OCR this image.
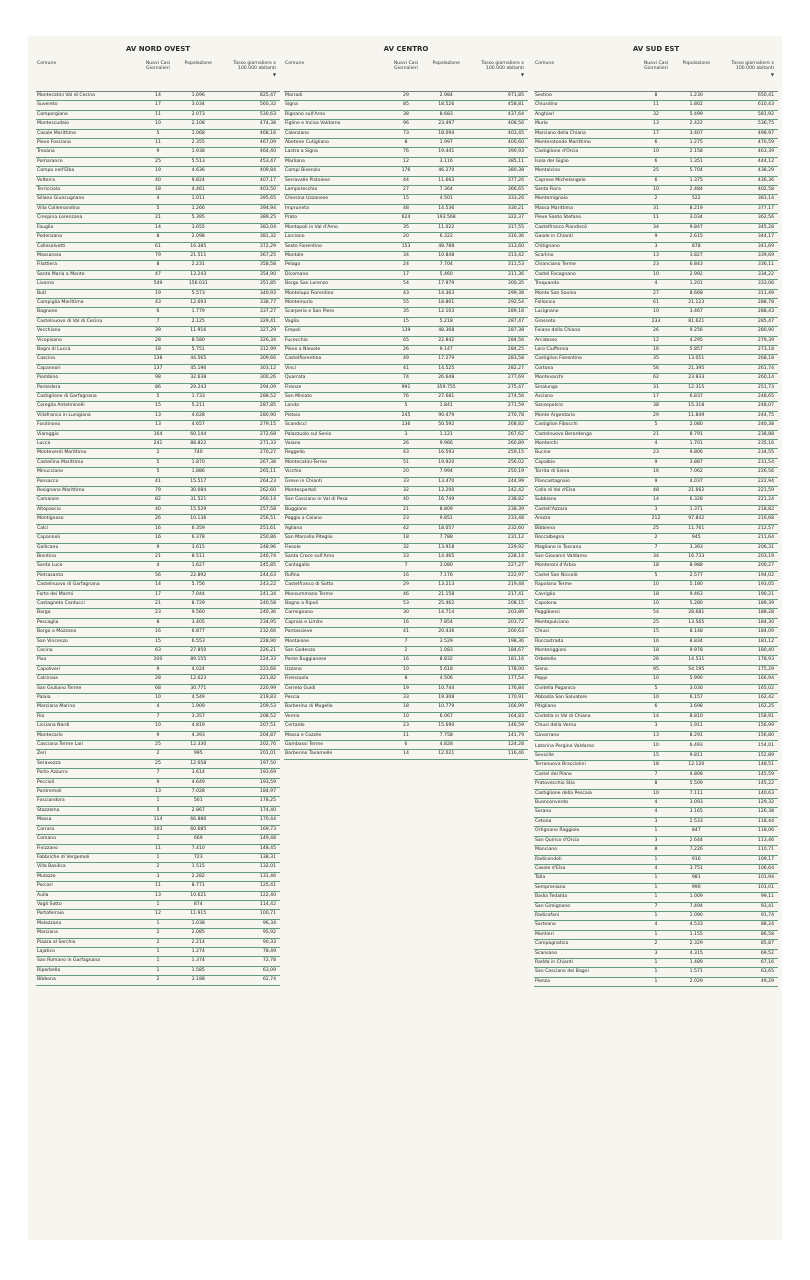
AV NORD OVEST
Comune	Nuovi Casi Giornalieri	Popolazione	Tasso giornaliero x 100.000 abitanti
▼

Montecatini Val di Cecina	14	1.696	825,47
Suvereto	17	3.034	560,32
Camporgiano	11	2.073	530,63
Montescudaio	10	2.108	474,38
Casale Marittimo	5	1.068	468,16
Pieve Fosciana	11	2.355	467,09
Tresana	9	1.938	464,40
Pomarance	25	5.513	453,47
Campo nell'Elba	19	4.636	409,84
Volterra	40	9.824	407,17
Terricciola	18	4.461	403,50
Sillano Giuncugnano	4	1.011	395,65
Villa Collemandina	5	1.266	394,94
Crespina Lorenzana	21	5.395	389,25
Fauglia	14	3.655	383,04
Podenzana	8	2.098	381,32
Collesalvetti	61	16.385	372,29
Massarosa	79	21.511	367,25
Filattiera	8	2.231	358,58
Santa Maria a Monte	47	13.243	354,90
Livorno	549	156.031	351,85
Buti	19	5.573	340,93
Campiglia Marittima	43	12.693	338,77
Bagnone	6	1.779	337,27
Castelnuovo di Val di Cecina	7	2.125	329,41
Vecchiano	39	11.916	327,29
Vicopisano	28	8.580	326,34
Bagni di Lucca	18	5.751	312,99
Cascina	138	44.565	309,66
Capannori	137	45.196	303,12
Piombino	98	32.638	300,26
Pontedera	86	29.243	294,09
Castiglione di Garfagnana	5	1.733	288,52
Coreglia Antelminelli	15	5.211	287,85
Villafranca in Lunigiana	13	4.628	280,90
Fosdinovo	13	4.657	279,15
Viareggio	164	60.144	272,68
Lucca	241	88.822	271,33
Monteverdi Marittimo	2	740	270,27
Castellina Marittima	5	1.870	267,38
Minucciano	5	1.886	265,11
Ponsacco	41	15.517	264,23
Rosignano Marittimo	79	30.084	262,60
Camaiore	82	31.521	260,14
Altopascio	40	15.529	257,58
Montignoso	26	10.136	256,51
Calci	16	6.359	251,61
Capannoli	16	6.378	250,86
Gallicano	9	3.615	248,96
Bientina	21	8.511	246,74
Santa Luce	4	1.627	245,85
Pietrasanta	56	22.892	244,63
Castelnuovo di Garfagnana	14	5.756	243,22
Forte dei Marmi	17	7.044	241,34
Castagneto Carducci	21	8.729	240,58
Barga	23	9.560	240,36
Pescaglia	8	3.405	234,95
Borgo a Mozzano	16	6.877	232,66
San Vincenzo	15	6.553	228,90
Cecina	63	27.850	226,21
Pisa	200	89.155	224,33
Capoliveri	9	4.024	223,66
Calcinaia	28	12.623	221,82
San Giuliano Terme	68	30.771	220,99
Palaia	10	4.549	219,83
Marciana Marina	4	1.909	209,53
Rio	7	3.357	208,52
Licciana Nardi	10	4.819	207,51
Montecarlo	9	4.393	204,87
Casciana Terme Lari	25	12.330	202,76
Zeri	2	995	201,01
Seravezza	25	12.658	197,50
Porto Azzurro	7	3.614	193,69
Peccioli	9	4.649	193,59
Pontremoli	13	7.028	184,97
Fosciandora	1	561	178,25
Stazzema	5	2.867	174,40
Massa	114	66.886	170,44
Carrara	103	60.685	169,73
Comano	1	669	149,48
Fivizzano	11	7.410	148,45
Fabbriche di Vergemoli	1	723	138,31
Villa Basilica	2	1.515	132,01
Mulazzo	3	2.282	131,46
Porcari	11	8.771	125,41
Aulla	13	10.621	122,40
Vagli Sotto	1	874	114,42
Portoferraio	12	11.915	100,71
Molazzana	1	1.038	96,34
Marciana	2	2.085	95,92
Piazza al Serchio	2	2.214	90,33
Lajatico	1	1.274	78,49
San Romano in Garfagnana	1	1.374	72,78
Riparbella	1	1.585	63,09
Bibbona	2	3.188	62,74
AV CENTRO
Comune	Nuovi Casi Giornalieri	Popolazione	Tasso giornaliero x 100.000 abitanti
▼

Marradi	29	2.984	971,85
Signa	85	18.526	458,81
Rignano sull'Arno	38	8.683	437,64
Figline e Incisa Valdarno	96	23.497	408,56
Calenzano	73	18.094	403,45
Abetone Cutigliano	8	1.997	400,60
Lastra a Signa	76	19.441	390,93
Marliana	12	3.116	385,11
Campi Bisenzio	176	46.270	380,38
Serravalle Pistoiese	44	11.663	377,26
Lamporecchio	27	7.364	366,65
Chiesina Uzzanese	15	4.501	333,26
Impruneta	48	14.536	330,21
Prato	624	193.568	322,37
Montopoli in Val d'Arno	35	11.022	317,55
Larciano	20	6.322	316,36
Sesto Fiorentino	153	48.788	313,60
Montale	34	10.848	313,42
Pelago	24	7.704	311,53
Dicomano	17	5.460	311,36
Borgo San Lorenzo	54	17.979	300,35
Montelupo Fiorentino	43	14.363	299,38
Montemurlo	55	18.801	292,54
Scarperia e San Piero	35	12.103	289,18
Vaglia	15	5.218	287,47
Empoli	139	48.368	287,38
Fucecchio	65	22.842	284,56
Pieve a Nievole	26	9.147	284,25
Castelfiorentino	49	17.279	283,58
Vinci	41	14.525	282,27
Quarrata	74	26.648	277,69
Firenze	991	359.755	275,47
San Miniato	76	27.681	274,56
Londa	5	1.841	271,59
Pistoia	245	90.479	270,78
Scandicci	136	50.592	268,82
Palazzuolo sul Senio	3	1.121	267,62
Vaiano	26	9.966	260,89
Reggello	43	16.593	259,15
Montecatini-Terme	51	19.920	256,02
Vicchio	20	7.994	250,19
Greve in Chianti	33	13.470	244,99
Montespertoli	32	13.200	242,42
San Casciano in Val di Pesa	40	16.749	238,82
Buggiano	21	8.809	238,39
Poggio a Caiano	23	9.851	233,48
Agliana	42	18.057	232,60
San Marcello Piteglio	18	7.788	231,12
Fiesole	32	13.918	229,92
Santa Croce sull'Arno	33	14.465	228,14
Cantagallo	7	3.080	227,27
Rufina	16	7.176	222,97
Castelfranco di Sotto	29	13.213	219,48
Monsummano Terme	46	21.158	217,41
Bagno a Ripoli	53	25.462	208,15
Carmignano	30	14.714	203,89
Capraia e Limite	16	7.854	203,72
Pontassieve	41	20.436	200,63
Montaione	7	3.529	198,36
San Godenzo	2	1.083	184,67
Ponte Buggianese	16	8.832	181,16
Uzzano	10	5.618	178,00
Firenzuola	8	4.506	177,54
Cerreto Guidi	19	10.744	176,84
Pescia	33	19.308	170,91
Barberino di Mugello	18	10.779	166,99
Vernio	10	6.067	164,83
Certaldo	23	15.690	146,59
Massa e Cozzile	11	7.758	141,79
Gambassi Terme	6	4.828	124,28
Barberino Tavarnelle	14	12.021	116,46
AV SUD EST
Comune	Nuovi Casi Giornalieri	Popolazione	Tasso giornaliero x 100.000 abitanti
▼

Sestino	8	1.230	650,41
Chiusdino	11	1.802	610,43
Anghiari	32	5.499	581,92
Murlo	13	2.422	536,75
Marciano della Chiana	17	3.407	498,97
Monterotondo Marittimo	6	1.275	470,59
Castiglione d'Orcia	10	2.158	463,39
Isola del Giglio	6	1.351	444,12
Montalcino	25	5.704	438,29
Caprese Michelangelo	6	1.375	436,36
Santa Fiora	10	2.484	402,58
Montemignaio	2	522	383,14
Massa Marittima	31	8.219	377,17
Pieve Santo Stefano	11	3.034	362,56
Castelfranco Piandiscò	34	9.847	345,28
Gaiole in Chianti	9	2.615	344,17
Chitignano	3	878	341,69
Scarlino	13	3.827	339,69
Chianciano Terme	23	6.843	336,11
Castel Focognano	10	2.992	334,22
Trequanda	4	1.201	333,06
Monte San Savino	27	8.668	311,49
Follonica	61	21.123	288,78
Lucignano	10	3.467	288,43
Grosseto	233	81.621	285,47
Foiano della Chiana	26	9.256	280,90
Arcidosso	12	4.295	279,39
Loro Ciuffenna	16	5.857	273,18
Castiglion Fiorentino	35	13.051	268,18
Cortona	56	21.395	261,74
Montevarchi	62	23.833	260,14
Sinalunga	31	12.315	251,73
Asciano	17	6.837	248,65
Sansepolcro	38	15.318	248,07
Monte Argentario	29	11.849	244,75
Castiglion Fibocchi	5	2.080	240,38
Castelnuovo Berardenga	21	8.791	238,88
Monterchi	4	1.701	235,16
Bucine	23	9.806	234,55
Capalbio	9	3.887	231,54
Torrita di Siena	16	7.062	226,56
Piancastagnaio	9	4.037	222,94
Colle di Val d'Elsa	48	21.662	221,59
Subbiano	14	6.328	221,24
Castell'Azzara	3	1.371	218,82
Arezzo	212	97.842	216,68
Bibbiena	25	11.761	212,57
Roccalbegna	2	945	211,64
Magliano in Toscana	7	3.393	206,31
San Giovanni Valdarno	34	16.733	203,19
Monteroni d'Arbia	18	8.988	200,27
Castel San Niccolò	5	2.577	194,02
Rapolano Terme	10	5.180	193,05
Cavriglia	18	9.463	190,21
Capolona	10	5.280	189,39
Poggibonsi	54	28.681	188,28
Montepulciano	25	13.565	184,30
Chiusi	15	8.148	184,09
Roccastrada	16	8.834	181,12
Monteriggioni	18	9.978	180,40
Orbetello	26	14.531	178,93
Siena	95	54.195	175,29
Poppi	10	5.990	166,94
Civitella Paganico	5	3.030	165,02
Abbadia San Salvatore	10	6.157	162,42
Pitigliano	6	3.698	162,25
Civitella in Val di Chiana	14	8.810	158,91
Chiusi della Verna	3	1.911	156,99
Gavorrano	13	8.291	156,80
Laterina Pergine Valdarno	10	6.493	154,01
Sovicille	15	9.811	152,89
Terranuova Bracciolini	18	12.120	148,51
Castel del Piano	7	4.808	145,59
Pratovecchio Stia	8	5.509	145,22
Castiglione della Pescaia	10	7.111	140,63
Buonconvento	4	3.093	129,32
Sorano	4	3.165	126,38
Cetona	3	2.533	118,44
Ortignano Raggiolo	1	847	118,06
San Quirico d'Orcia	3	2.644	113,46
Manciano	8	7.226	110,71
Radicondoli	1	916	109,17
Casole d'Elsa	4	3.751	106,64
Talla	1	981	101,94
Semproniano	1	990	101,01
Badia Tedalda	1	1.009	99,11
San Gimignano	7	7.494	93,41
Radicofani	1	1.090	91,74
Sarteano	4	4.533	88,24
Montieri	1	1.155	86,58
Campagnatico	2	2.329	85,87
Scansano	3	4.315	69,52
Radda in Chianti	1	1.489	67,16
San Casciano dei Bagni	1	1.571	63,65
Pienza	1	2.029	49,29
